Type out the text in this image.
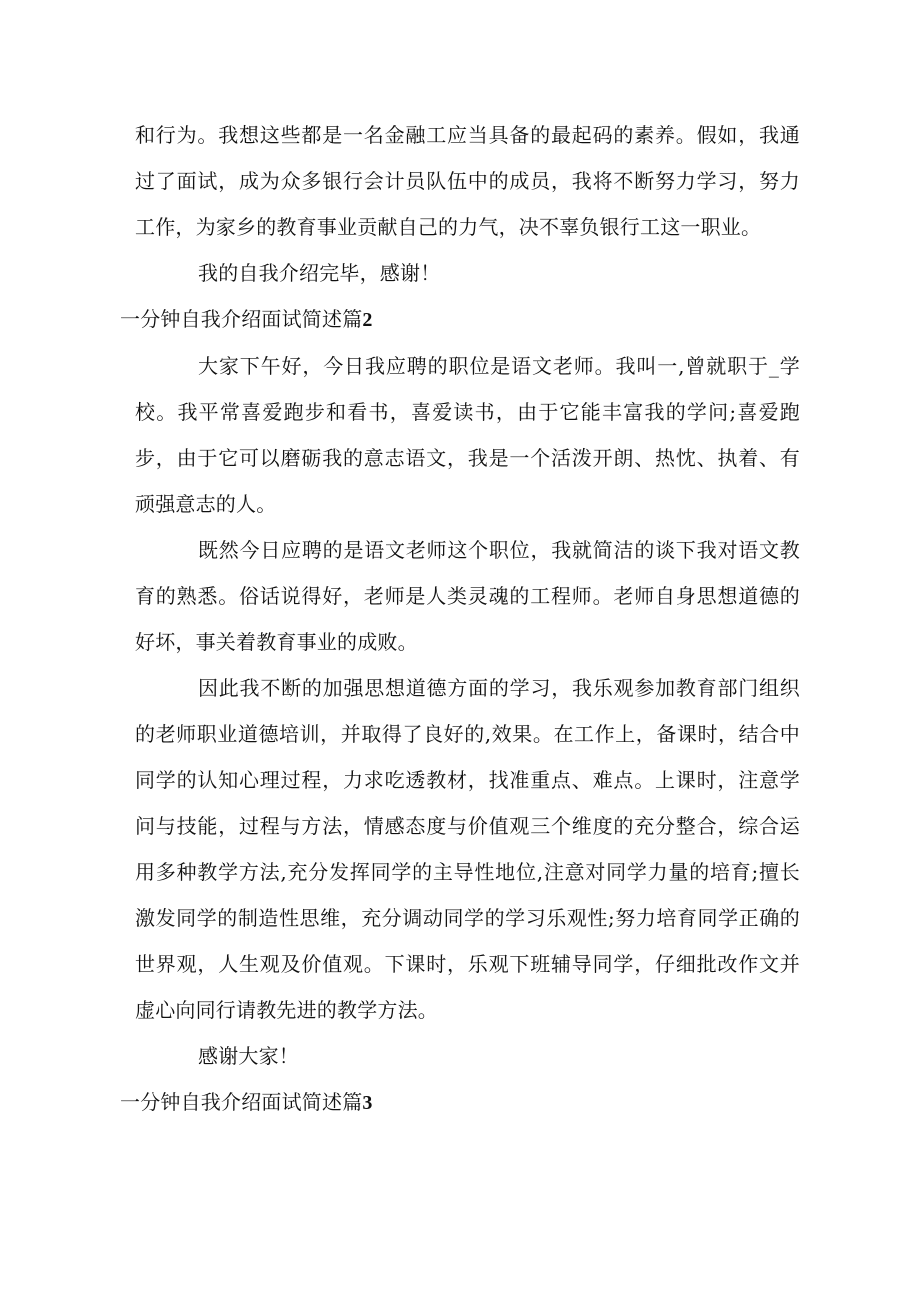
和行为。我想这些都是一名金融工应当具备的最起码的素养。假如，我通过了面试，成为众多银行会计员队伍中的成员，我将不断努力学习，努力工作，为家乡的教育事业贡献自己的力气，决不辜负银行工这一职业。

我的自我介绍完毕，感谢！

一分钟自我介绍面试简述篇2

大家下午好，今日我应聘的职位是语文老师。我叫一,曾就职于_学校。我平常喜爱跑步和看书，喜爱读书，由于它能丰富我的学问;喜爱跑步，由于它可以磨砺我的意志语文，我是一个活泼开朗、热忱、执着、有顽强意志的人。

既然今日应聘的是语文老师这个职位，我就简洁的谈下我对语文教育的熟悉。俗话说得好，老师是人类灵魂的工程师。老师自身思想道德的好坏，事关着教育事业的成败。

因此我不断的加强思想道德方面的学习，我乐观参加教育部门组织的老师职业道德培训，并取得了良好的,效果。在工作上，备课时，结合中同学的认知心理过程，力求吃透教材，找准重点、难点。上课时，注意学问与技能，过程与方法，情感态度与价值观三个维度的充分整合，综合运用多种教学方法,充分发挥同学的主导性地位,注意对同学力量的培育;擅长激发同学的制造性思维，充分调动同学的学习乐观性;努力培育同学正确的世界观，人生观及价值观。下课时，乐观下班辅导同学，仔细批改作文并虚心向同行请教先进的教学方法。

感谢大家！

一分钟自我介绍面试简述篇3
